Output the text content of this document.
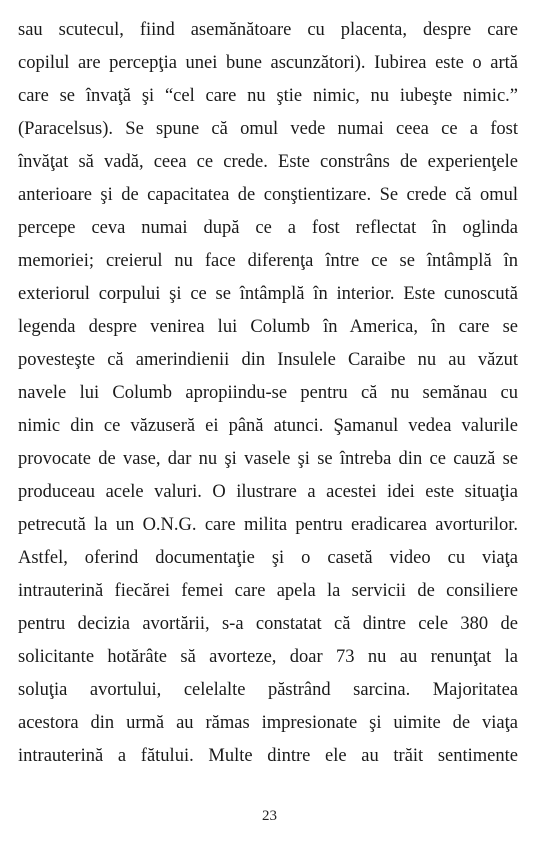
sau scutecul, fiind asemănătoare cu placenta, despre care
copilul are percepţia unei bune ascunzători). Iubirea este o artă
care se învaţă şi “cel care nu ştie nimic, nu iubeşte nimic.”
(Paracelsus). Se spune că omul vede numai ceea ce a fost
învăţat să vadă, ceea ce crede. Este constrâns de experienţele
anterioare şi de capacitatea de conştientizare. Se crede că omul
percepe ceva numai după ce a fost reflectat în oglinda
memoriei; creierul nu face diferenţa între ce se întâmplă în
exteriorul corpului şi ce se întâmplă în interior. Este cunoscută
legenda despre venirea lui Columb în America, în care se
povesteşte că amerindienii din Insulele Caraibe nu au văzut
navele lui Columb apropiindu-se pentru că nu semănau cu
nimic din ce văzuseră ei până atunci. Şamanul vedea valurile
provocate de vase, dar nu şi vasele şi se întreba din ce cauză se
produceau acele valuri. O ilustrare a acestei idei este situaţia
petrecută la un O.N.G. care milita pentru eradicarea avorturilor.
Astfel, oferind documentaţie şi o casetă video cu viaţa
intrauterină fiecărei femei care apela la servicii de consiliere
pentru decizia avortării, s-a constatat că dintre cele 380 de
solicitante hotărâte să avorteze, doar 73 nu au renunţat la
soluţia avortului, celelalte păstrând sarcina. Majoritatea
acestora din urmă au rămas impresionate şi uimite de viaţa
intrauterină a fătului. Multe dintre ele au trăit sentimente
23
